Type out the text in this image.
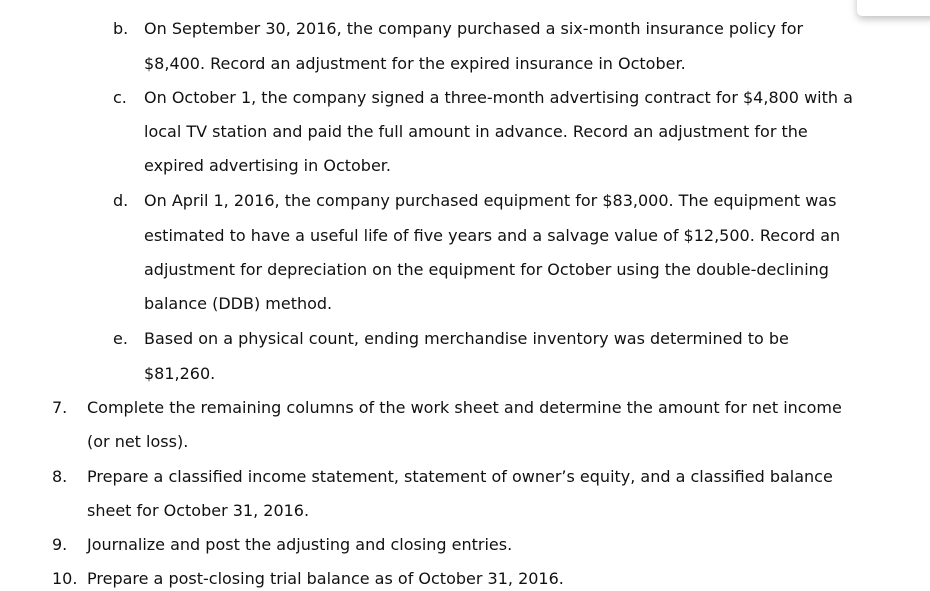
b. On September 30, 2016, the company purchased a six-month insurance policy for
$8,400. Record an adjustment for the expired insurance in October.
c. On October 1, the company signed a three-month advertising contract for $4,800 with a
local TV station and paid the full amount in advance. Record an adjustment for the
expired advertising in October.
d. On April 1, 2016, the company purchased equipment for $83,000. The equipment was
estimated to have a useful life of five years and a salvage value of $12,500. Record an
adjustment for depreciation on the equipment for October using the double-declining
balance (DDB) method.
e. Based on a physical count, ending merchandise inventory was determined to be
$81,260.
7. Complete the remaining columns of the work sheet and determine the amount for net income
(or net loss).
8. Prepare a classified income statement, statement of owner’s equity, and a classified balance
sheet for October 31, 2016.
9. Journalize and post the adjusting and closing entries.
10. Prepare a post-closing trial balance as of October 31, 2016.
